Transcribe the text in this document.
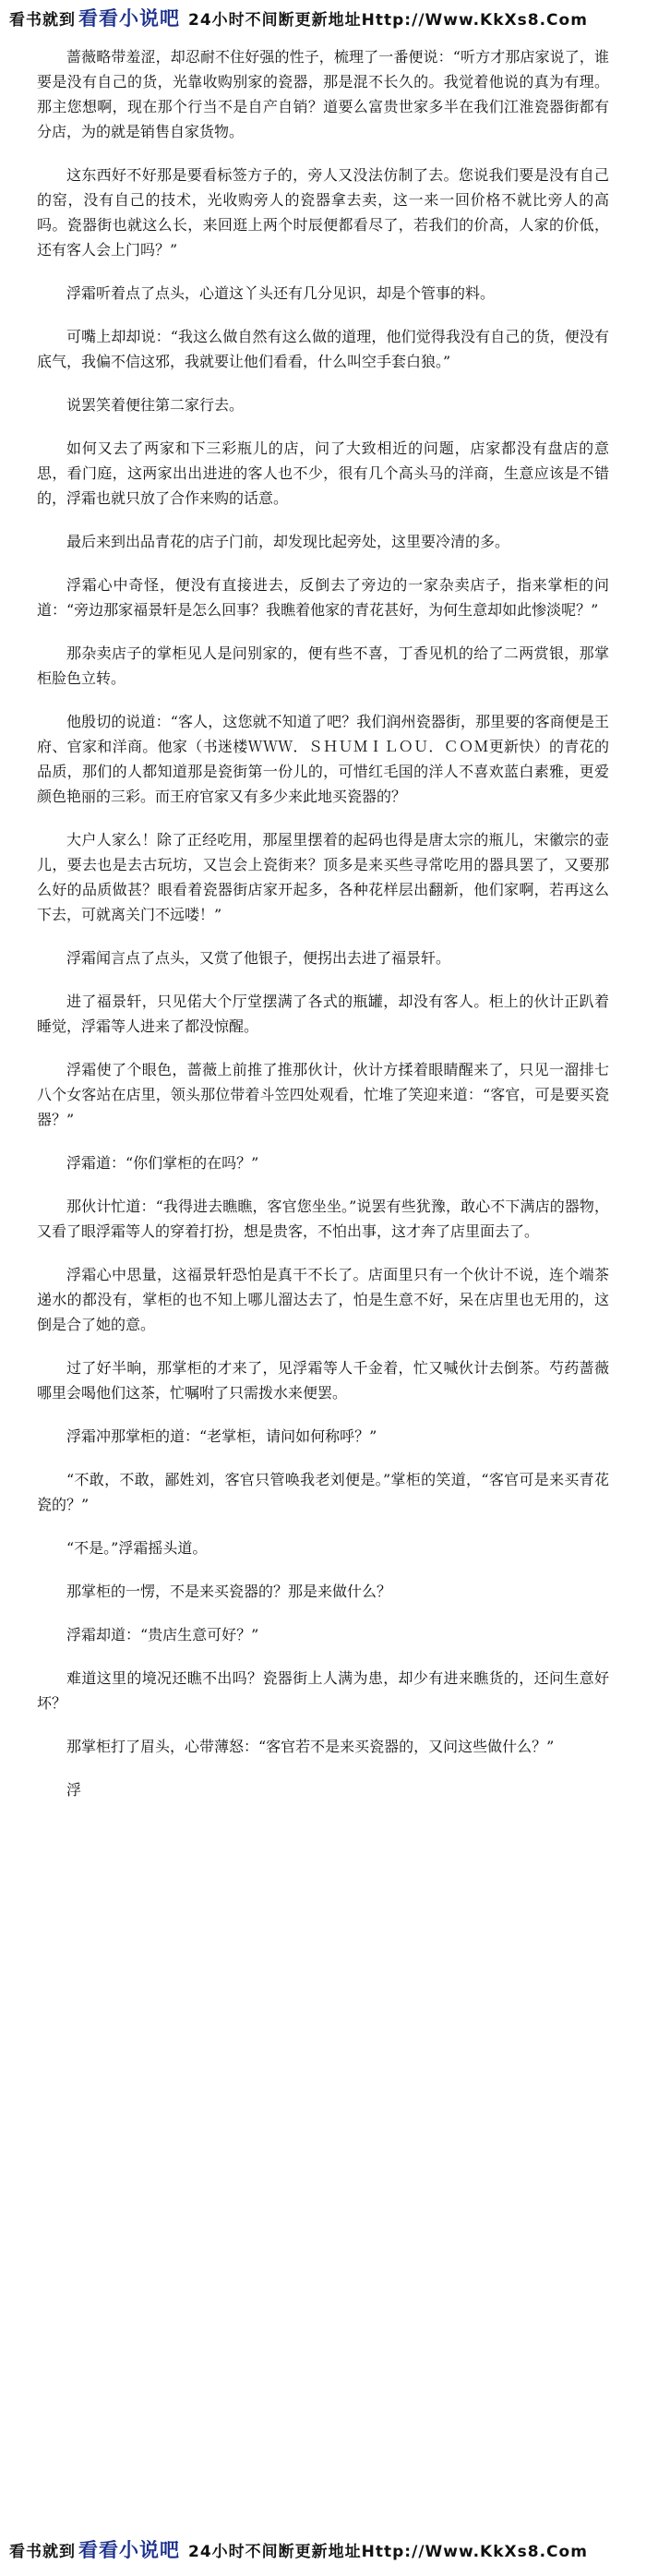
看书就到 看看小说吧 24小时不间断更新地址Http://Www.KkXs8.Com

蔷薇略带羞涩，却忍耐不住好强的性子，梳理了一番便说：“听方才那店家说了，谁要是没有自己的货，光靠收购别家的瓷器，那是混不长久的。我觉着他说的真为有理。那主您想啊，现在那个行当不是自产自销？道要么富贵世家多半在我们江淮瓷器街都有分店，为的就是销售自家货物。

这东西好不好那是要看标签方子的，旁人又没法仿制了去。您说我们要是没有自己的窑，没有自己的技术，光收购旁人的瓷器拿去卖，这一来一回价格不就比旁人的高吗。瓷器街也就这么长，来回逛上两个时辰便都看尽了，若我们的价高，人家的价低，还有客人会上门吗？”

浮霜听着点了点头，心道这丫头还有几分见识，却是个管事的料。

可嘴上却却说：“我这么做自然有这么做的道理，他们觉得我没有自己的货，便没有底气，我偏不信这邪，我就要让他们看看，什么叫空手套白狼。”

说罢笑着便往第二家行去。

如何又去了两家和下三彩瓶儿的店，问了大致相近的问题，店家都没有盘店的意思，看门庭，这两家出出进进的客人也不少，很有几个高头马的洋商，生意应该是不错的，浮霜也就只放了合作来购的话意。

最后来到出品青花的店子门前，却发现比起旁处，这里要冷清的多。

浮霜心中奇怪，便没有直接进去，反倒去了旁边的一家杂卖店子，指来掌柜的问道：“旁边那家福景轩是怎么回事？我瞧着他家的青花甚好，为何生意却如此惨淡呢？”

那杂卖店子的掌柜见人是问别家的，便有些不喜，丁香见机的给了二两赏银，那掌柜脸色立转。

他殷切的说道：“客人，这您就不知道了吧？我们润州瓷器街，那里要的客商便是王府、官家和洋商。他家（书迷楼ＷＷＷ．ＳＨＵＭＩＬＯＵ．ＣＯＭ更新快）的青花的品质，那们的人都知道那是瓷街第一份儿的，可惜红毛国的洋人不喜欢蓝白素雅，更爱颜色艳丽的三彩。而王府官家又有多少来此地买瓷器的？

大户人家么！除了正经吃用，那屋里摆着的起码也得是唐太宗的瓶儿，宋徽宗的壶儿，要去也是去古玩坊，又岂会上瓷街来？顶多是来买些寻常吃用的器具罢了，又要那么好的品质做甚？眼看着瓷器街店家开起多，各种花样层出翻新，他们家啊，若再这么下去，可就离关门不远喽！”

浮霜闻言点了点头，又赏了他银子，便拐出去进了福景轩。

进了福景轩，只见偌大个厅堂摆满了各式的瓶罐，却没有客人。柜上的伙计正趴着睡觉，浮霜等人进来了都没惊醒。

浮霜使了个眼色，蔷薇上前推了推那伙计，伙计方揉着眼睛醒来了，只见一溜排七八个女客站在店里，领头那位带着斗笠四处观看，忙堆了笑迎来道：“客官，可是要买瓷器？”

浮霜道：“你们掌柜的在吗？”

那伙计忙道：“我得进去瞧瞧，客官您坐坐。”说罢有些犹豫，敢心不下满店的器物，又看了眼浮霜等人的穿着打扮，想是贵客，不怕出事，这才奔了店里面去了。

浮霜心中思量，这福景轩恐怕是真干不长了。店面里只有一个伙计不说，连个端茶递水的都没有，掌柜的也不知上哪儿溜达去了，怕是生意不好，呆在店里也无用的，这倒是合了她的意。

过了好半晌，那掌柜的才来了，见浮霜等人千金着，忙又喊伙计去倒茶。芍药蔷薇哪里会喝他们这茶，忙嘱咐了只需拨水来便罢。

浮霜冲那掌柜的道：“老掌柜，请问如何称呼？”

“不敢，不敢，鄙姓刘，客官只管唤我老刘便是。”掌柜的笑道，“客官可是来买青花瓷的？”

“不是。”浮霜摇头道。

那掌柜的一愣，不是来买瓷器的？那是来做什么？

浮霜却道：“贵店生意可好？”

难道这里的境况还瞧不出吗？瓷器街上人满为患，却少有进来瞧货的，还问生意好坏？

那掌柜打了眉头，心带薄怒：“客官若不是来买瓷器的，又问这些做什么？”

浮

看书就到 看看小说吧 24小时不间断更新地址Http://Www.KkXs8.Com
